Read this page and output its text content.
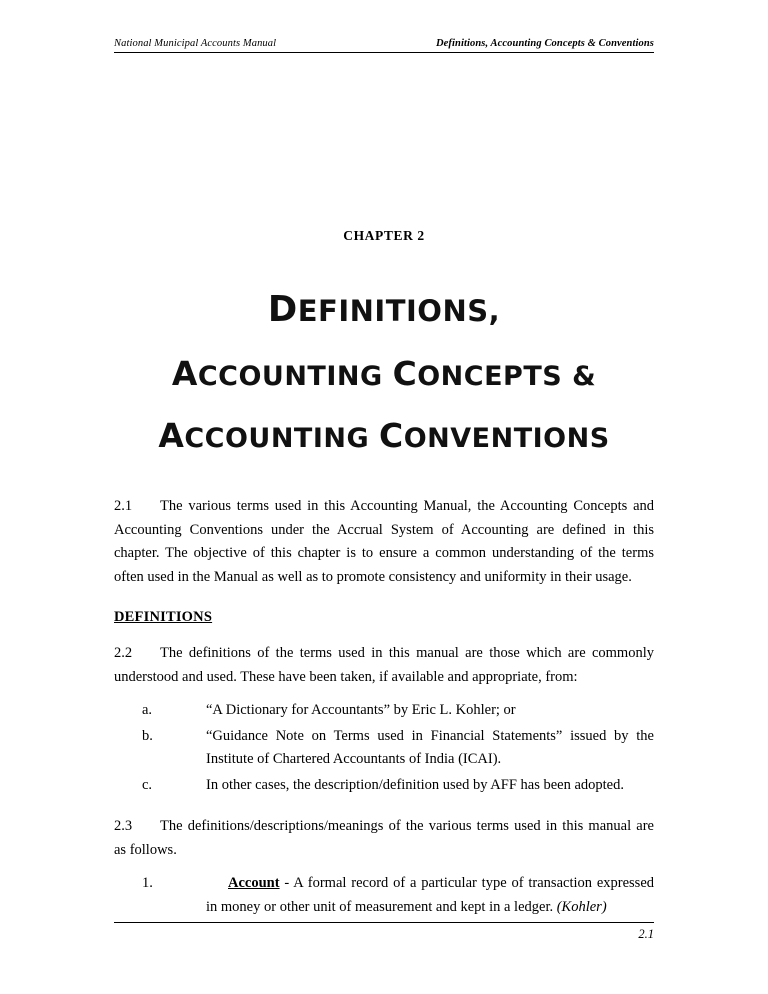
National Municipal Accounts Manual	Definitions, Accounting Concepts & Conventions
CHAPTER 2
DEFINITIONS,
ACCOUNTING CONCEPTS &
ACCOUNTING CONVENTIONS

2.1 The various terms used in this Accounting Manual, the Accounting Concepts and Accounting Conventions under the Accrual System of Accounting are defined in this chapter. The objective of this chapter is to ensure a common understanding of the terms often used in the Manual as well as to promote consistency and uniformity in their usage.

DEFINITIONS

2.2 The definitions of the terms used in this manual are those which are commonly understood and used. These have been taken, if available and appropriate, from:

a.	“A Dictionary for Accountants” by Eric L. Kohler; or
b.	“Guidance Note on Terms used in Financial Statements” issued by the Institute of Chartered Accountants of India (ICAI).
c.	In other cases, the description/definition used by AFF has been adopted.

2.3 The definitions/descriptions/meanings of the various terms used in this manual are as follows.

1.	Account - A formal record of a particular type of transaction expressed in money or other unit of measurement and kept in a ledger. (Kohler)
2.1
